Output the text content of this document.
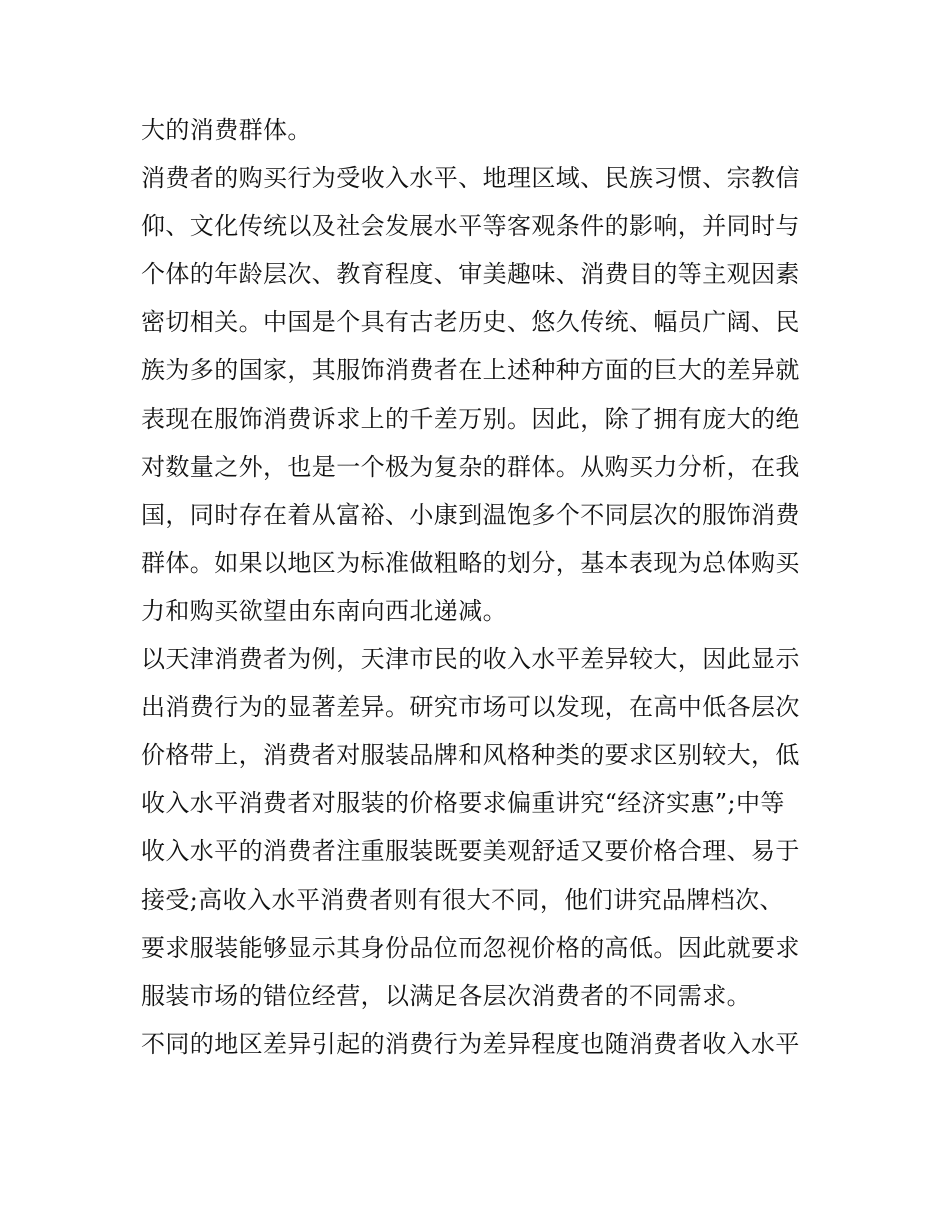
大的消费群体。
消费者的购买行为受收入水平、地理区域、民族习惯、宗教信
仰、文化传统以及社会发展水平等客观条件的影响，并同时与
个体的年龄层次、教育程度、审美趣味、消费目的等主观因素
密切相关。中国是个具有古老历史、悠久传统、幅员广阔、民
族为多的国家，其服饰消费者在上述种种方面的巨大的差异就
表现在服饰消费诉求上的千差万别。因此，除了拥有庞大的绝
对数量之外，也是一个极为复杂的群体。从购买力分析，在我
国，同时存在着从富裕、小康到温饱多个不同层次的服饰消费
群体。如果以地区为标准做粗略的划分，基本表现为总体购买
力和购买欲望由东南向西北递减。
以天津消费者为例，天津市民的收入水平差异较大，因此显示
出消费行为的显著差异。研究市场可以发现，在高中低各层次
价格带上，消费者对服装品牌和风格种类的要求区别较大，低
收入水平消费者对服装的价格要求偏重讲究“经济实惠”;中等
收入水平的消费者注重服装既要美观舒适又要价格合理、易于
接受;高收入水平消费者则有很大不同，他们讲究品牌档次、
要求服装能够显示其身份品位而忽视价格的高低。因此就要求
服装市场的错位经营，以满足各层次消费者的不同需求。
不同的地区差异引起的消费行为差异程度也随消费者收入水平
